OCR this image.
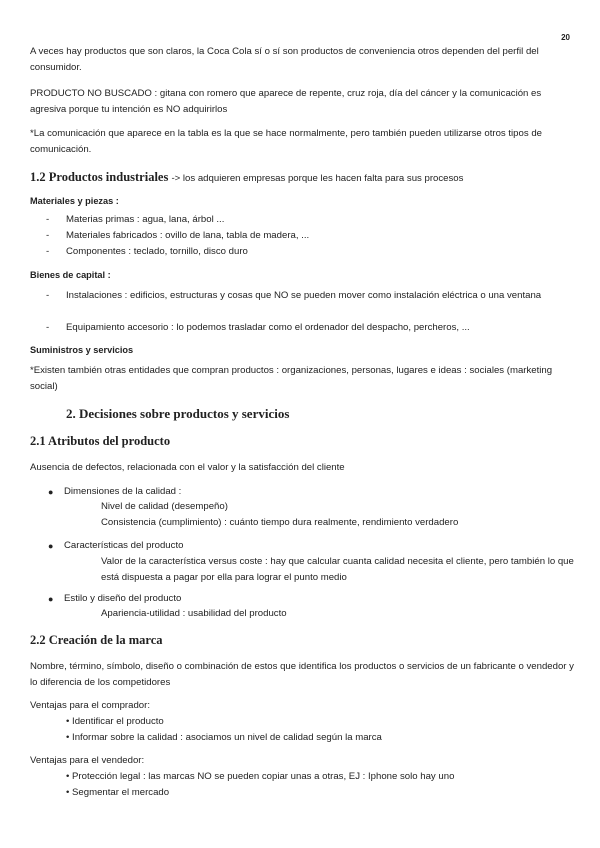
20
A veces hay productos que son claros, la Coca Cola sí o sí son productos de conveniencia otros dependen del perfil del consumidor.
PRODUCTO NO BUSCADO : gitana con romero que aparece de repente, cruz roja, día del cáncer y la comunicación es agresiva porque tu intención es NO adquirirlos
*La comunicación que aparece en la tabla es la que se hace normalmente, pero también pueden utilizarse otros tipos de comunicación.
1.2 Productos industriales -> los adquieren empresas porque les hacen falta para sus procesos
Materiales y piezas :
- Materias primas : agua, lana, árbol ...
- Materiales fabricados : ovillo de lana, tabla de madera, ...
- Componentes : teclado, tornillo, disco duro
Bienes de capital :
- Instalaciones : edificios, estructuras y cosas que NO se pueden mover como instalación eléctrica o una ventana
- Equipamiento accesorio : lo podemos trasladar como el ordenador del despacho, percheros, ...
Suministros y servicios
*Existen también otras entidades que compran productos : organizaciones, personas, lugares e ideas : sociales (marketing social)
2. Decisiones sobre productos y servicios
2.1 Atributos del producto
Ausencia de defectos, relacionada con el valor y la satisfacción del cliente
● Dimensiones de la calidad :
Nivel de calidad (desempeño)
Consistencia (cumplimiento) : cuánto tiempo dura realmente, rendimiento verdadero
● Características del producto
Valor de la característica versus coste : hay que calcular cuanta calidad necesita el cliente, pero también lo que está dispuesta a pagar por ella para lograr el punto medio
● Estilo y diseño del producto
Apariencia-utilidad : usabilidad del producto
2.2 Creación de la marca
Nombre, término, símbolo, diseño o combinación de estos que identifica los productos o servicios de un fabricante o vendedor y lo diferencia de los competidores
Ventajas para el comprador:
• Identificar el producto
• Informar sobre la calidad : asociamos un nivel de calidad según la marca
Ventajas para el vendedor:
• Protección legal : las marcas NO se pueden copiar unas a otras, EJ : Iphone solo hay uno
• Segmentar el mercado
